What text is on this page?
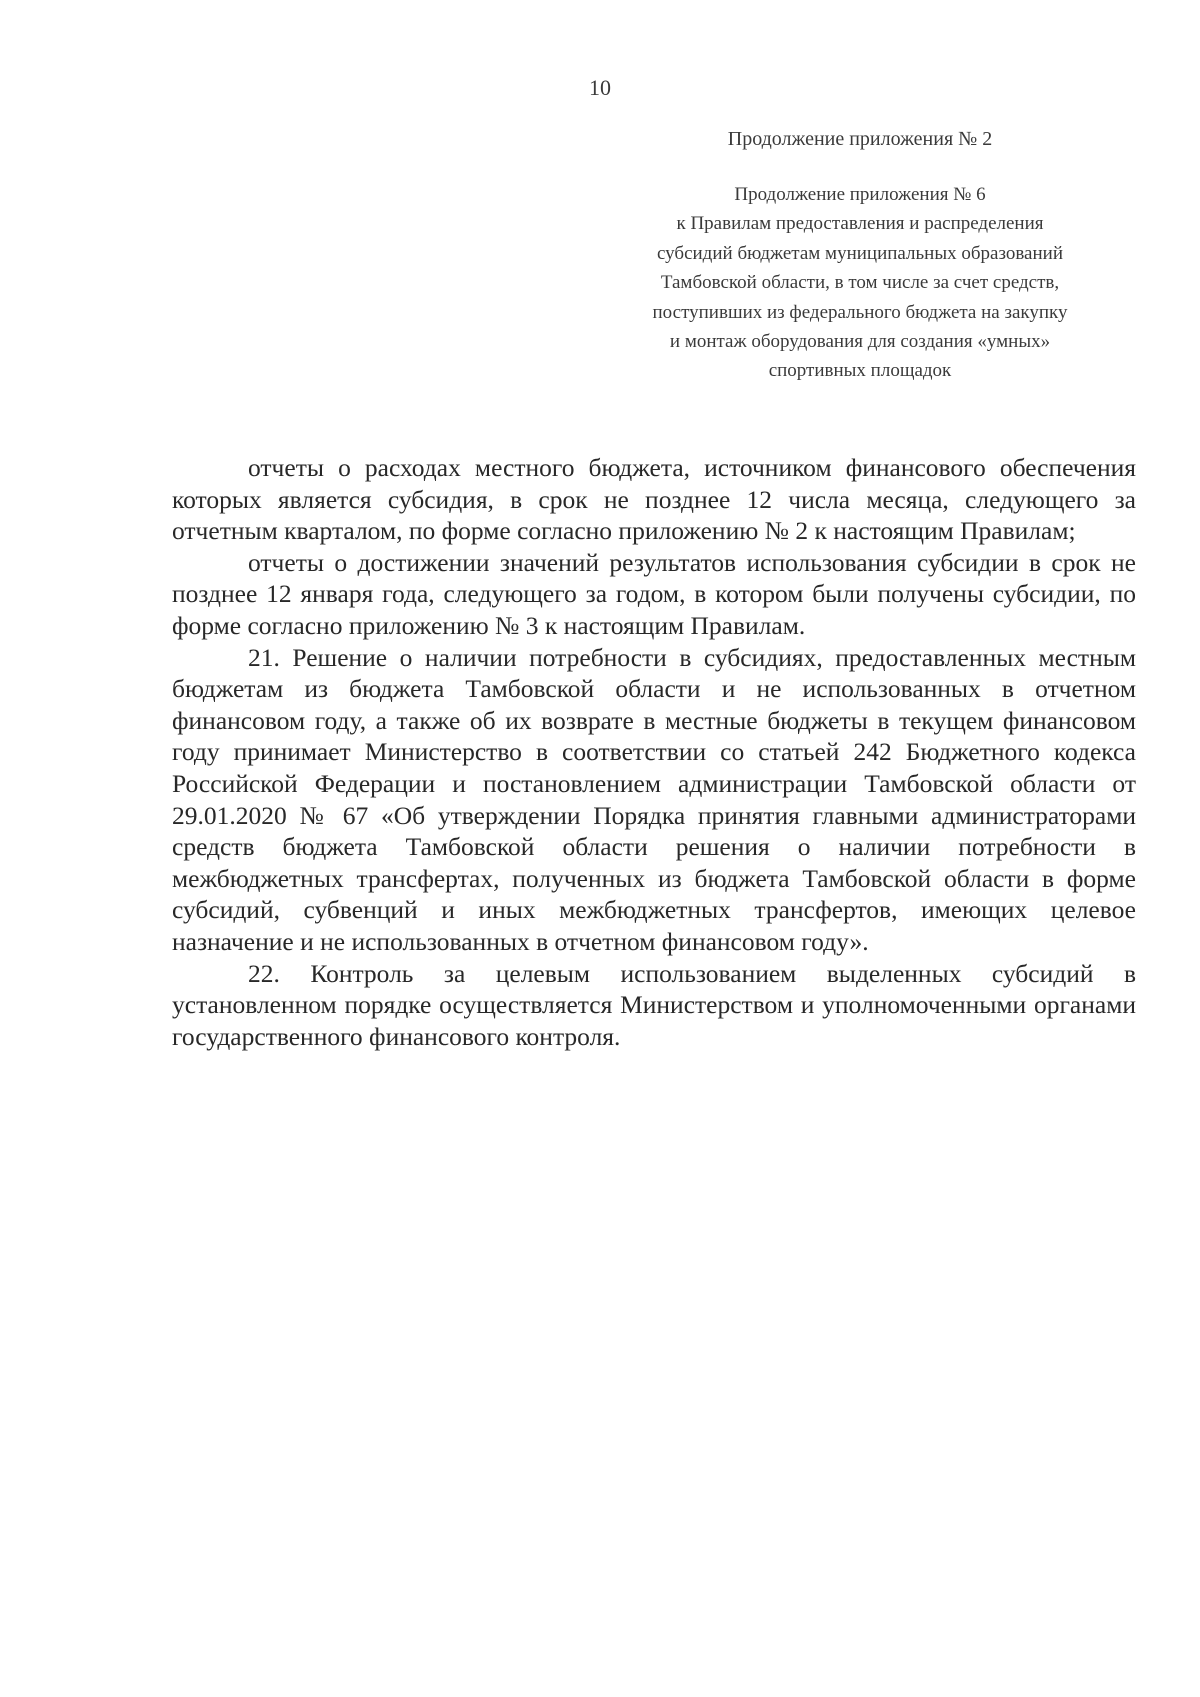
10
Продолжение приложения № 2
Продолжение приложения № 6
к Правилам предоставления и распределения
субсидий бюджетам муниципальных образований
Тамбовской области, в том числе за счет средств,
поступивших из федерального бюджета на закупку
и монтаж оборудования для создания «умных»
спортивных площадок

отчеты о расходах местного бюджета, источником финансового обеспечения которых является субсидия, в срок не позднее 12 числа месяца, следующего за отчетным кварталом, по форме согласно приложению № 2 к настоящим Правилам;

отчеты о достижении значений результатов использования субсидии в срок не позднее 12 января года, следующего за годом, в котором были получены субсидии, по форме согласно приложению № 3 к настоящим Правилам.

21. Решение о наличии потребности в субсидиях, предоставленных местным бюджетам из бюджета Тамбовской области и не использованных в отчетном финансовом году, а также об их возврате в местные бюджеты в текущем финансовом году принимает Министерство в соответствии со статьей 242 Бюджетного кодекса Российской Федерации и постановлением администрации Тамбовской области от 29.01.2020 № 67 «Об утверждении Порядка принятия главными администраторами средств бюджета Тамбовской области решения о наличии потребности в межбюджетных трансфертах, полученных из бюджета Тамбовской области в форме субсидий, субвенций и иных межбюджетных трансфертов, имеющих целевое назначение и не использованных в отчетном финансовом году».

22. Контроль за целевым использованием выделенных субсидий в установленном порядке осуществляется Министерством и уполномоченными органами государственного финансового контроля.
